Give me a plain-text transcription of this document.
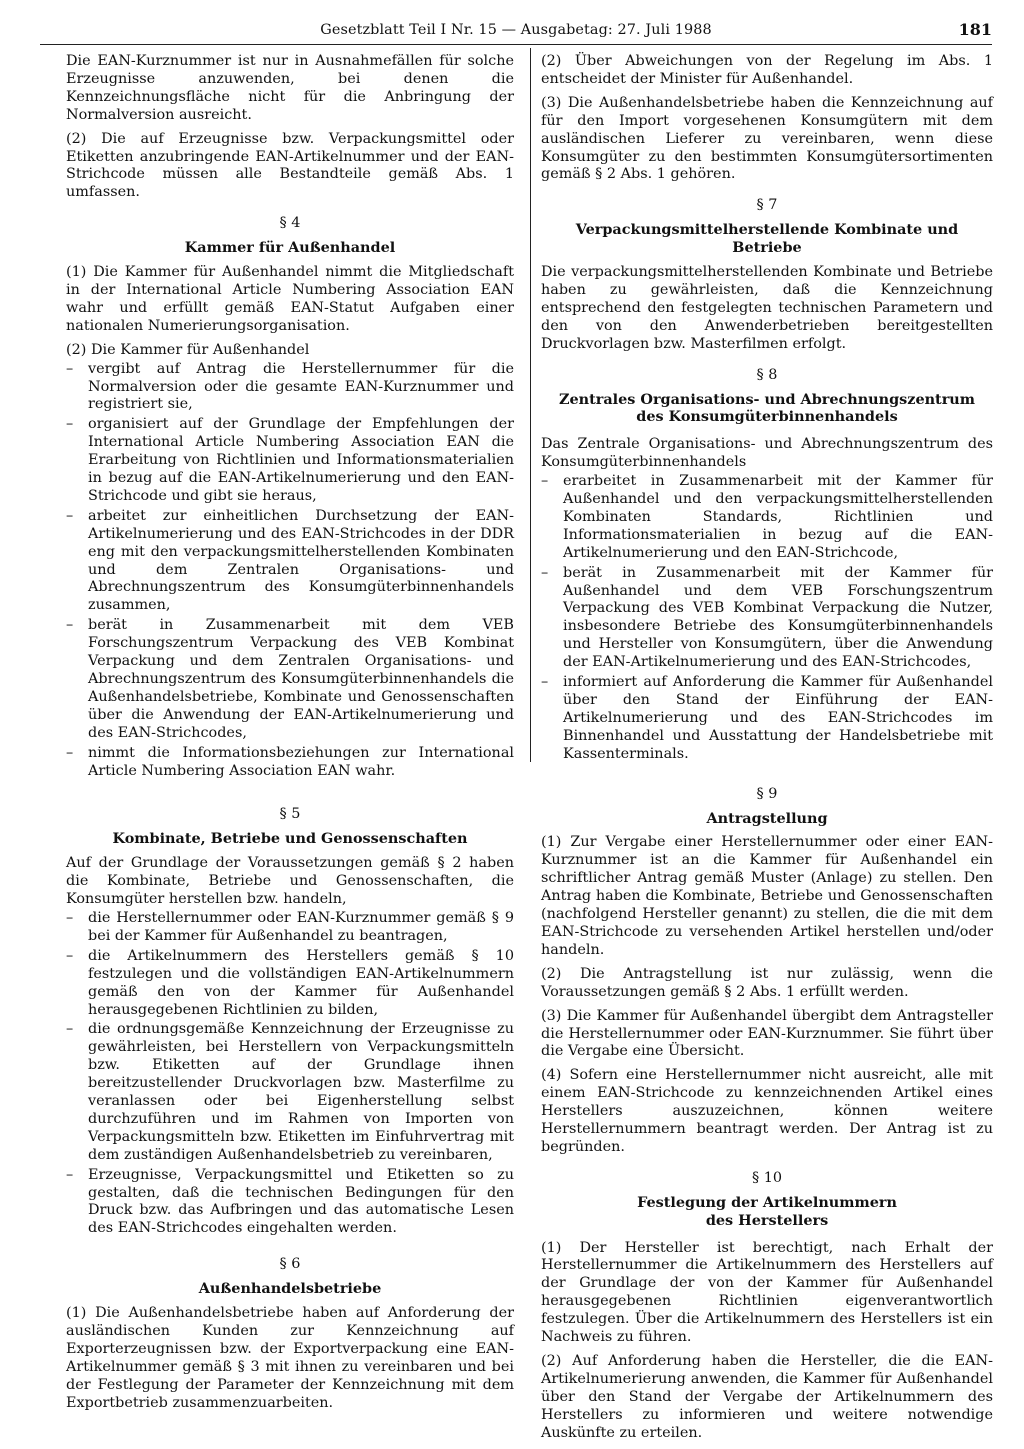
Gesetzblatt Teil I Nr. 15 — Ausgabetag: 27. Juli 1988	181

Die EAN-Kurznummer ist nur in Ausnahmefällen für solche Erzeugnisse anzuwenden, bei denen die Kennzeichnungsfläche nicht für die Anbringung der Normalversion ausreicht.

(2) Die auf Erzeugnisse bzw. Verpackungsmittel oder Etiketten anzubringende EAN-Artikelnummer und der EAN-Strichcode müssen alle Bestandteile gemäß Abs. 1 umfassen.

§ 4
Kammer für Außenhandel

(1) Die Kammer für Außenhandel nimmt die Mitgliedschaft in der International Article Numbering Association EAN wahr und erfüllt gemäß EAN-Statut Aufgaben einer nationalen Numerierungsorganisation.

(2) Die Kammer für Außenhandel

– vergibt auf Antrag die Herstellernummer für die Normalversion oder die gesamte EAN-Kurznummer und registriert sie,
– organisiert auf der Grundlage der Empfehlungen der International Article Numbering Association EAN die Erarbeitung von Richtlinien und Informationsmaterialien in bezug auf die EAN-Artikelnumerierung und den EAN-Strichcode und gibt sie heraus,
– arbeitet zur einheitlichen Durchsetzung der EAN-Artikelnumerierung und des EAN-Strichcodes in der DDR eng mit den verpackungsmittelherstellenden Kombinaten und dem Zentralen Organisations- und Abrechnungszentrum des Konsumgüterbinnenhandels zusammen,
– berät in Zusammenarbeit mit dem VEB Forschungszentrum Verpackung des VEB Kombinat Verpackung und dem Zentralen Organisations- und Abrechnungszentrum des Konsumgüterbinnenhandels die Außenhandelsbetriebe, Kombinate und Genossenschaften über die Anwendung der EAN-Artikelnumerierung und des EAN-Strichcodes,
– nimmt die Informationsbeziehungen zur International Article Numbering Association EAN wahr.
§ 5
Kombinate, Betriebe und Genossenschaften

Auf der Grundlage der Voraussetzungen gemäß § 2 haben die Kombinate, Betriebe und Genossenschaften, die Konsumgüter herstellen bzw. handeln,

– die Herstellernummer oder EAN-Kurznummer gemäß § 9 bei der Kammer für Außenhandel zu beantragen,
– die Artikelnummern des Herstellers gemäß § 10 festzulegen und die vollständigen EAN-Artikelnummern gemäß den von der Kammer für Außenhandel herausgegebenen Richtlinien zu bilden,
– die ordnungsgemäße Kennzeichnung der Erzeugnisse zu gewährleisten, bei Herstellern von Verpackungsmitteln bzw. Etiketten auf der Grundlage ihnen bereitzustellender Druckvorlagen bzw. Masterfilme zu veranlassen oder bei Eigenherstellung selbst durchzuführen und im Rahmen von Importen von Verpackungsmitteln bzw. Etiketten im Einfuhrvertrag mit dem zuständigen Außenhandelsbetrieb zu vereinbaren,
– Erzeugnisse, Verpackungsmittel und Etiketten so zu gestalten, daß die technischen Bedingungen für den Druck bzw. das Aufbringen und das automatische Lesen des EAN-Strichcodes eingehalten werden.
§ 6
Außenhandelsbetriebe

(1) Die Außenhandelsbetriebe haben auf Anforderung der ausländischen Kunden zur Kennzeichnung auf Exporterzeugnissen bzw. der Exportverpackung eine EAN-Artikelnummer gemäß § 3 mit ihnen zu vereinbaren und bei der Festlegung der Parameter der Kennzeichnung mit dem Exportbetrieb zusammenzuarbeiten.

(2) Über Abweichungen von der Regelung im Abs. 1 entscheidet der Minister für Außenhandel.

(3) Die Außenhandelsbetriebe haben die Kennzeichnung auf für den Import vorgesehenen Konsumgütern mit dem ausländischen Lieferer zu vereinbaren, wenn diese Konsumgüter zu den bestimmten Konsumgütersortimenten gemäß § 2 Abs. 1 gehören.

§ 7
Verpackungsmittelherstellende Kombinate und Betriebe

Die verpackungsmittelherstellenden Kombinate und Betriebe haben zu gewährleisten, daß die Kennzeichnung entsprechend den festgelegten technischen Parametern und den von den Anwenderbetrieben bereitgestellten Druckvorlagen bzw. Masterfilmen erfolgt.

§ 8
Zentrales Organisations- und Abrechnungszentrum
des Konsumgüterbinnenhandels

Das Zentrale Organisations- und Abrechnungszentrum des Konsumgüterbinnenhandels

– erarbeitet in Zusammenarbeit mit der Kammer für Außenhandel und den verpackungsmittelherstellenden Kombinaten Standards, Richtlinien und Informationsmaterialien in bezug auf die EAN-Artikelnumerierung und den EAN-Strichcode,
– berät in Zusammenarbeit mit der Kammer für Außenhandel und dem VEB Forschungszentrum Verpackung des VEB Kombinat Verpackung die Nutzer, insbesondere Betriebe des Konsumgüterbinnenhandels und Hersteller von Konsumgütern, über die Anwendung der EAN-Artikelnumerierung und des EAN-Strichcodes,
– informiert auf Anforderung die Kammer für Außenhandel über den Stand der Einführung der EAN-Artikelnumerierung und des EAN-Strichcodes im Binnenhandel und Ausstattung der Handelsbetriebe mit Kassenterminals.
§ 9
Antragstellung

(1) Zur Vergabe einer Herstellernummer oder einer EAN-Kurznummer ist an die Kammer für Außenhandel ein schriftlicher Antrag gemäß Muster (Anlage) zu stellen. Den Antrag haben die Kombinate, Betriebe und Genossenschaften (nachfolgend Hersteller genannt) zu stellen, die die mit dem EAN-Strichcode zu versehenden Artikel herstellen und/oder handeln.

(2) Die Antragstellung ist nur zulässig, wenn die Voraussetzungen gemäß § 2 Abs. 1 erfüllt werden.

(3) Die Kammer für Außenhandel übergibt dem Antragsteller die Herstellernummer oder EAN-Kurznummer. Sie führt über die Vergabe eine Übersicht.

(4) Sofern eine Herstellernummer nicht ausreicht, alle mit einem EAN-Strichcode zu kennzeichnenden Artikel eines Herstellers auszuzeichnen, können weitere Herstellernummern beantragt werden. Der Antrag ist zu begründen.

§ 10
Festlegung der Artikelnummern
des Herstellers

(1) Der Hersteller ist berechtigt, nach Erhalt der Herstellernummer die Artikelnummern des Herstellers auf der Grundlage der von der Kammer für Außenhandel herausgegebenen Richtlinien eigenverantwortlich festzulegen. Über die Artikelnummern des Herstellers ist ein Nachweis zu führen.

(2) Auf Anforderung haben die Hersteller, die die EAN-Artikelnumerierung anwenden, die Kammer für Außenhandel über den Stand der Vergabe der Artikelnummern des Herstellers zu informieren und weitere notwendige Auskünfte zu erteilen.
